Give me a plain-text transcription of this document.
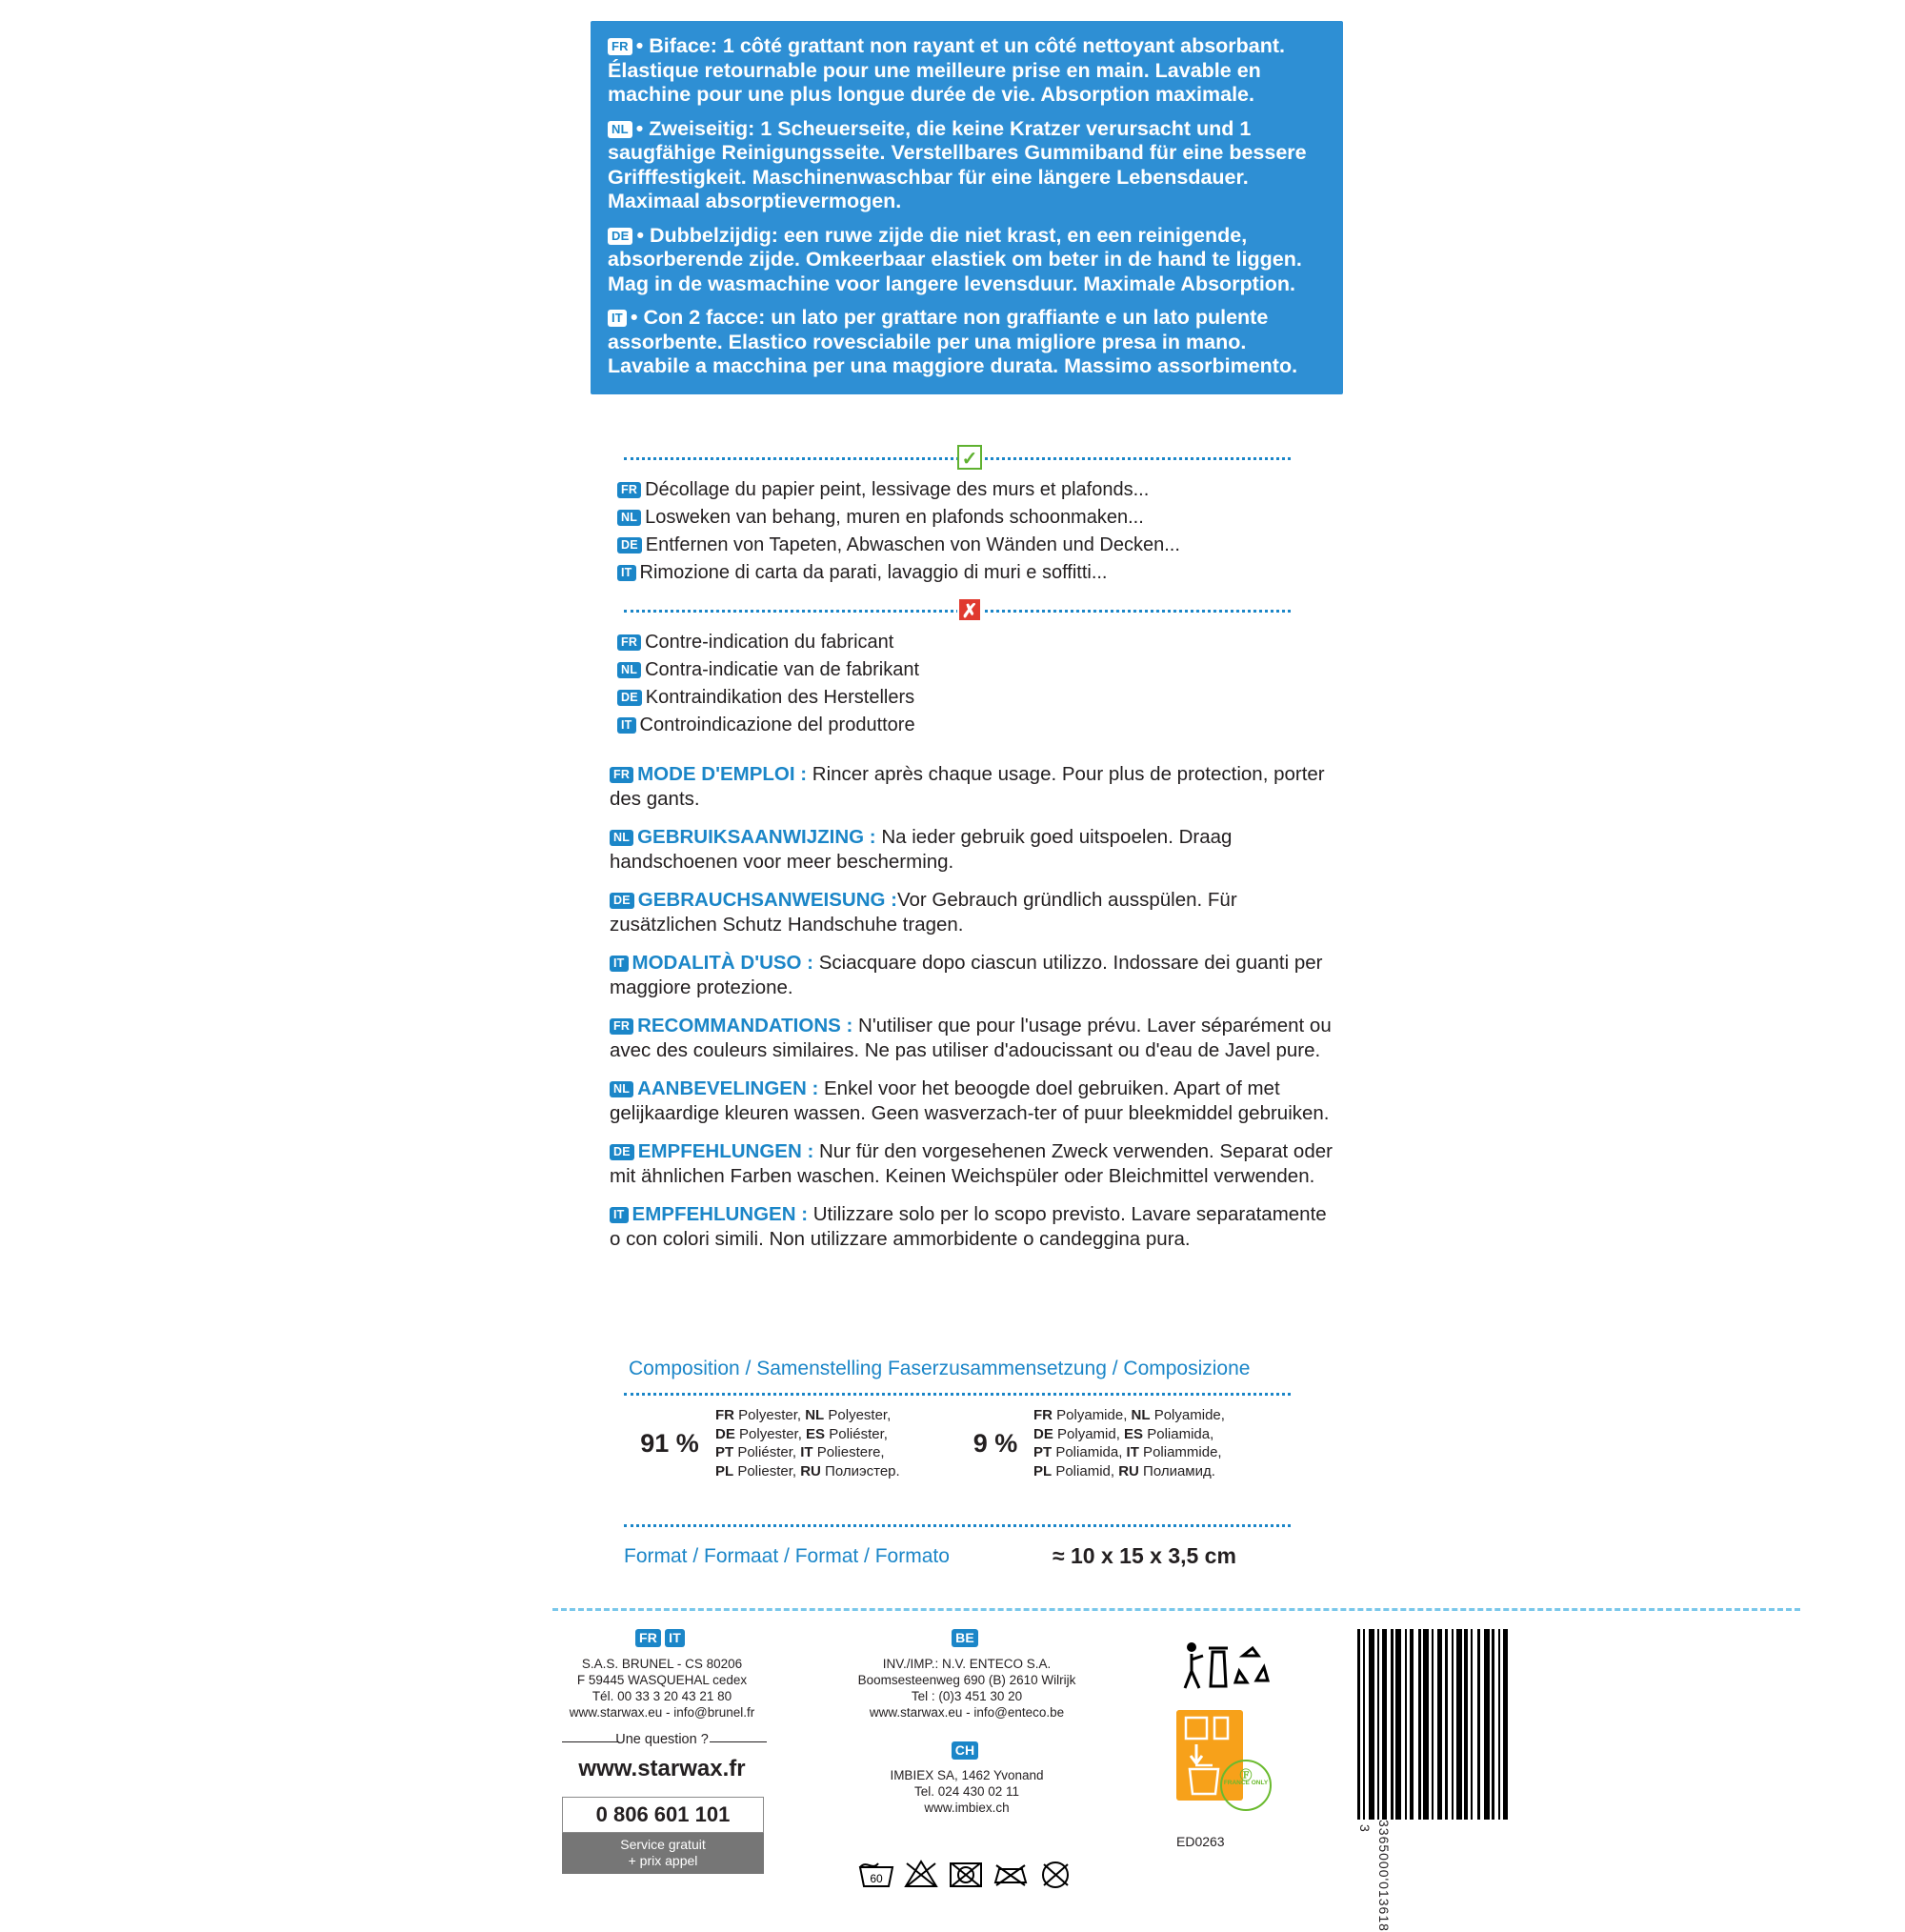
FR • Biface: 1 côté grattant non rayant et un côté nettoyant absorbant. Élastique retournable pour une meilleure prise en main. Lavable en machine pour une plus longue durée de vie. Absorption maximale.

NL • Zweiseitig: 1 Scheuerseite, die keine Kratzer verursacht und 1 saugfähige Reinigungsseite. Verstellbares Gummiband für eine bessere Grifffestigkeit. Maschinenwaschbar für eine längere Lebensdauer. Maximaal absorptievermogen.

DE • Dubbelzijdig: een ruwe zijde die niet krast, en een reinigende, absorberende zijde. Omkeerbaar elastiek om beter in de hand te liggen. Mag in de wasmachine voor langere levensduur. Maximale Absorption.

IT • Con 2 facce: un lato per grattare non graffiante e un lato pulente assorbente. Elastico rovesciabile per una migliore presa in mano. Lavabile a macchina per una maggiore durata. Massimo assorbimento.

✓
FR Décollage du papier peint, lessivage des murs et plafonds...
NL Losweken van behang, muren en plafonds schoonmaken...
DE Entfernen von Tapeten, Abwaschen von Wänden und Decken...
IT Rimozione di carta da parati, lavaggio di muri e soffitti...
✗
FR Contre-indication du fabricant
NL Contra-indicatie van de fabrikant
DE Kontraindikation des Herstellers
IT Controindicazione del produttore
FR MODE D'EMPLOI : Rincer après chaque usage. Pour plus de protection, porter des gants.
NL GEBRUIKSAANWIJZING : Na ieder gebruik goed uitspoelen. Draag handschoenen voor meer bescherming.
DE GEBRAUCHSANWEISUNG :Vor Gebrauch gründlich ausspülen. Für zusätzlichen Schutz Handschuhe tragen.
IT MODALITÀ D'USO : Sciacquare dopo ciascun utilizzo. Indossare dei guanti per maggiore protezione.
FR RECOMMANDATIONS : N'utiliser que pour l'usage prévu. Laver séparément ou avec des couleurs similaires. Ne pas utiliser d'adoucissant ou d'eau de Javel pure.
NL AANBEVELINGEN : Enkel voor het beoogde doel gebruiken. Apart of met gelijkaardige kleuren wassen. Geen wasverzach-ter of puur bleekmiddel gebruiken.
DE EMPFEHLUNGEN : Nur für den vorgesehenen Zweck verwenden. Separat oder mit ähnlichen Farben waschen. Keinen Weichspüler oder Bleichmittel verwenden.
IT EMPFEHLUNGEN : Utilizzare solo per lo scopo previsto. Lavare separatamente o con colori simili. Non utilizzare ammorbidente o candeggina pura.
Composition / Samenstelling Faserzusammensetzung / Composizione
91 %
FR Polyester, NL Polyester,
DE Polyester, ES Poliéster,
PT Poliéster, IT Poliestere,
PL Poliester, RU Полиэстер.
9 %
FR Polyamide, NL Polyamide,
DE Polyamid, ES Poliamida,
PT Poliamida, IT Poliammide,
PL Poliamid, RU Полиамид.
Format / Formaat / Format / Formato	≈ 10 x 15 x 3,5 cm
FR IT
S.A.S. BRUNEL - CS 80206
F 59445 WASQUEHAL cedex
Tél. 00 33 3 20 43 21 80
www.starwax.eu - info@brunel.fr
Une question ?
www.starwax.fr
0 806 601 101
Service gratuit
+ prix appel
BE
INV./IMP.: N.V. ENTECO S.A.
Boomsesteenweg 690 (B) 2610 Wilrijk
Tel : (0)3 451 30 20
www.starwax.eu - info@enteco.be
CH
IMBIEX SA, 1462 Yvonand
Tel. 024 430 02 11
www.imbiex.ch
60
Ⓕ
FRANCE ONLY
ED0263	3365000'013618
3
